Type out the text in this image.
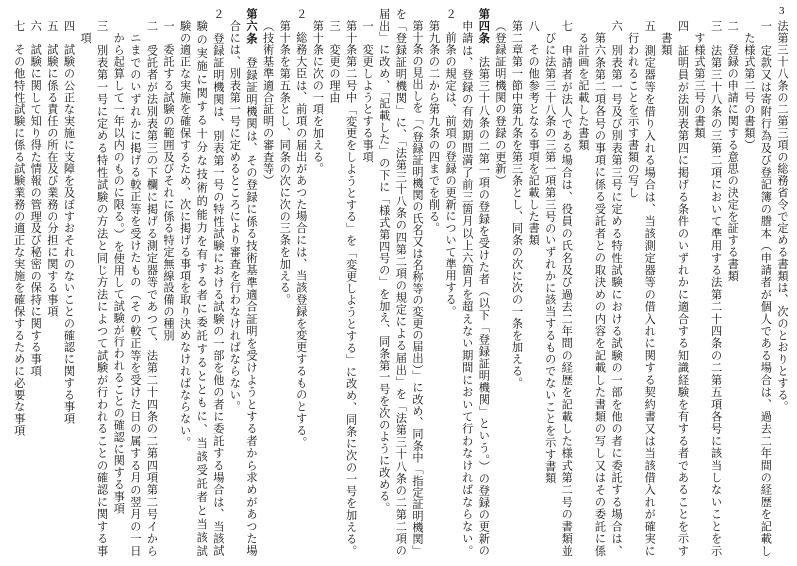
3
法第三十八条の二第三項の総務省令で定める書類は、次のとおりとする。
一　定款又は寄附行為及び登記簿の謄本（申請者が個人である場合は、過去二年間の経歴を記載し
た様式第二号の書類）
二　登録の申請に関する意思の決定を証する書類
三　法第三十八条の三第二項において準用する法第二十四条の二第五項各号に該当しないことを示
す様式第三号の書類
四　証明員が法別表第四に掲げる条件のいずれかに適合する知識経験を有する者であることを示す
書類
五　測定器等を借り入れる場合は、当該測定器等の借入れに関する契約書又は当該借入れが確実に
行われることを示す書類の写し
六　別表第一号及び別表第三号に定める特性試験における試験の一部を他の者に委託する場合は、
第六条第二項各号の事項に係る受託者との取決めの内容を記載した書類の写し又はその委託に係
る計画を記載した書類
七　申請者が法人である場合は、役員の氏名及び過去二年間の経歴を記載した様式第二号の書類並
びに法第三十八条の三第一項第三号のいずれかに該当するものでないことを示す書類
八　その他参考となる事項を記載した書類
第二章第一節中第九条を第三条とし、同条の次に次の一条を加える。
（登録証明機関の登録の更新）
第四条　法第三十八条の二第一項の登録を受けた者（以下「登録証明機関」という。）の登録の更新の
申請は、登録の有効期間満了前三箇月以上六箇月を超えない期間において行わなければならない。
２　前条の規定は、前項の登録の更新について準用する。
第九条の二から第九条の四までを削る。
第十条の見出しを「（登録証明機関の氏名又は名称等の変更の届出）」に改め、同条中「指定証明機関」
を「登録証明機関」に、「法第三十八条の四第二項の規定による届出」を「法第三十八条の二第二項の
届出」に改め、「記載した」の下に「様式第四号の」を加え、同条第一号を次のように改める。
一　変更しようとする事項
第十条第二号中「変更をしようとする」を「変更しようとする」に改め、同条に次の一号を加える。
三　変更の理由
第十条に次の一項を加える。
２　総務大臣は、前項の届出があつた場合には、当該登録を変更するものとする。
第十条を第五条とし、同条の次に次の三条を加える。
（技術基準適合証明の審査等）
第六条　登録証明機関は、その登録に係る技術基準適合証明を受けようとする者から求めがあつた場
合には、別表第一号に定めるところにより審査を行わなければならない。
２　登録証明機関は、別表第一号の特性試験における試験の一部を他の者に委託する場合は、当該試
験の実施に関する十分な技術的能力を有する者に委託するとともに、当該受託者と当該試
験の適正な実施を確保するため、次に掲げる事項を取り決めなければならない。
一　委託する試験の範囲及びそれに係る特定無線設備の種別
二　受託者が法別表第三の下欄に掲げる測定器等であつて、法第二十四条の二第四項第二号イから
ニまでのいずれかに掲げる較正等を受けたもの（その較正等を受けた日の属する月の翌月の一日
から起算して一年以内のものに限る。）を使用して試験が行われることの確認に関する事項
三　別表第一号に定める特性試験の方法と同じ方法によつて試験が行われることの確認に関する事
項
四　試験の公正な実施に支障を及ぼすおそれのないことの確認に関する事項
五　試験に係る責任の所在及び業務の分担に関する事項
六　試験に関して知り得た情報の管理及び秘密の保持に関する事項
七　その他特性試験に係る試験業務の適正な実施を確保するために必要な事項
